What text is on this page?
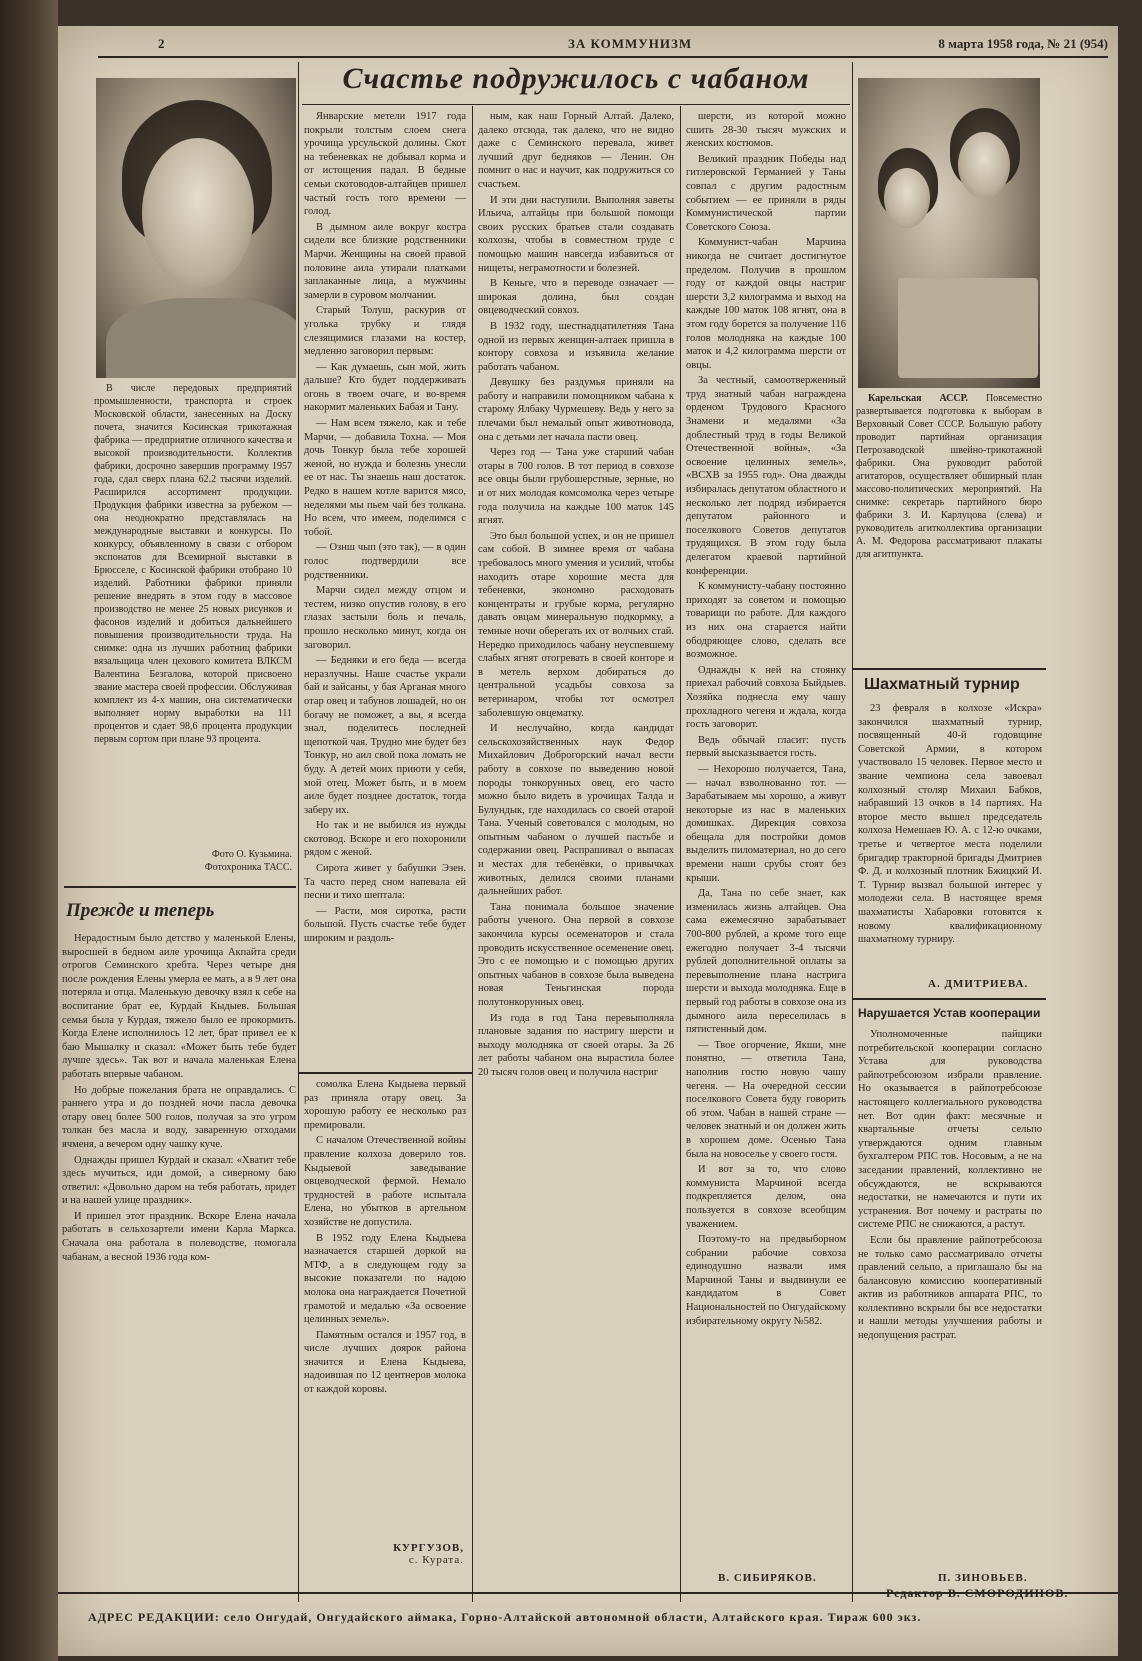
2	ЗА КОММУНИЗМ	8 марта 1958 года, № 21 (954)

В числе передовых предприятий промышленности, транспорта и строек Московской области, занесенных на Доску почета, значится Косинская трикотажная фабрика — предприятие отличного качества и высокой производительности. Коллектив фабрики, досрочно завершив программу 1957 года, сдал сверх плана 62.2 тысячи изделий. Расширился ассортимент продукции. Продукция фабрики известна за рубежом — она неоднократно представлялась на международные выставки и конкурсы. По конкурсу, объявленному в связи с отбором экспонатов для Всемирной выставки в Брюсселе, с Косинской фабрики отобрано 10 изделий. Работники фабрики приняли решение внедрять в этом году в массовое производство не менее 25 новых рисунков и фасонов изделий и добиться дальнейшего повышения производительности труда. На снимке: одна из лучших работниц фабрики вязальщица член цехового комитета ВЛКСМ Валентина Безгалова, которой присвоено звание мастера своей профессии. Обслуживая комплект из 4-х машин, она систематически выполняет норму выработки на 111 процентов и сдает 98,6 процента продукции первым сортом при плане 93 процента.

Фото О. Кузьмина.
Фотохроника ТАСС.
Прежде и теперь

Нерадостным было детство у маленькой Елены, выросшей в бедном аиле урочища Акпайта среди отрогов Семинского хребта. Через четыре дня после рождения Елены умерла ее мать, а в 9 лет она потеряла и отца. Маленькую девочку взял к себе на воспитание брат ее, Курдай Кыдыев. Большая семья была у Курдая, тяжело было ее прокормить. Когда Елене исполнилось 12 лет, брат привел ее к баю Мышалку и сказал: «Может быть тебе будет лучше здесь». Так вот и начала маленькая Елена работать впервые чабаном.

Но добрые пожелания брата не оправдались. С раннего утра и до поздней ночи пасла девочка отару овец более 500 голов, получая за это угром толкан без масла и воду, заваренную отходами ячменя, а вечером одну чашку куче.

Однажды пришел Курдай и сказал: «Хватит тебе здесь мучиться, иди домой, а сиверному баю ответил: «Довольно даром на тебя работать, придет и на нашей улице праздник».

И пришел этот праздник. Вскоре Елена начала работать в сельхозартели имени Карла Маркса. Сначала она работала в полеводстве, помогала чабанам, а весной 1936 года ком-

Счастье подружилось с чабаном

Январские метели 1917 года покрыли толстым слоем снега урочища урсульской долины. Скот на тебеневках не добывал корма и от истощения падал. В бедные семьи скотоводов-алтайцев пришел частый гость того времени — голод.

В дымном аиле вокруг костра сидели все близкие родственники Марчи. Женщины на своей правой половине аила утирали платками заплаканные лица, а мужчины замерли в суровом молчании.

Старый Толуш, раскурив от уголька трубку и глядя слезящимися глазами на костер, медленно заговорил первым:

— Как думаешь, сын мой, жить дальше? Кто будет поддерживать огонь в твоем очаге, и во-время накормит маленьких Бабая и Тану.

— Нам всем тяжело, как и тебе Марчи, — добавила Тохна. — Моя дочь Тонкур была тебе хорошей женой, но нужда и болезнь унесли ее от нас. Ты знаешь наш достаток. Редко в нашем котле варится мясо, неделями мы пьем чай без толкана. Но всем, что имеем, поделимся с тобой.

— Ознш чып (это так), — в один голос подтвердили все родственники.

Марчи сидел между отцом и тестем, низко опустив голову, в его глазах застыли боль и печаль, прошло несколько минут, когда он заговорил.

— Бедняки и его беда — всегда неразлучны. Наше счастье украли бай и зайсаны, у бая Арганая много отар овец и табунов лошадей, но он богачу не поможет, а вы, я всегда знал, поделитесь последней щепоткой чая. Трудно мне будет без Тонкур, но аил свой пока ломать не буду. А детей моих приюти у себя, мой отец. Может быть, и в моем аиле будет позднее достаток, тогда заберу их.

Но так и не выбился из нужды скотовод. Вскоре и его похоронили рядом с женой.

Сирота живет у бабушки Эзен. Та часто перед сном напевала ей песни и тихо шептала:

— Расти, моя сиротка, расти большой. Пусть счастье тебе будет широким и раздоль-

сомолка Елена Кыдыева первый раз приняла отару овец. За хорошую работу ее несколько раз премировали.

С началом Отечественной войны правление колхоза доверило тов. Кыдыевой заведывание овцеводческой фермой. Немало трудностей в работе испытала Елена, но убытков в артельном хозяйстве не допустила.

В 1952 году Елена Кыдыева назначается старшей доркой на МТФ, а в следующем году за высокие показатели по надою молока она награждается Почетной грамотой и медалью «За освоение целинных земель».

Памятным остался и 1957 год, в числе лучших доярок района значится и Елена Кыдыева, надоившая по 12 центнеров молока от каждой коровы.

КУРГУЗОВ,
с. Курата.

ным, как наш Горный Алтай. Далеко, далеко отсюда, так далеко, что не видно даже с Семинского перевала, живет лучший друг бедняков — Ленин. Он помнит о нас и научит, как подружиться со счастьем.

И эти дни наступили. Выполняя заветы Ильича, алтайцы при большой помощи своих русских братьев стали создавать колхозы, чтобы в совместном труде с помощью машин навсегда избавиться от нищеты, неграмотности и болезней.

В Кеньге, что в переводе означает — широкая долина, был создан овцеводческий совхоз.

В 1932 году, шестнадцатилетняя Тана одной из первых женщин-алтаек пришла в контору совхоза и изъявила желание работать чабаном.

Девушку без раздумья приняли на работу и направили помощником чабана к старому Ялбаку Чурмешеву. Ведь у него за плечами был немалый опыт животновода, она с детьми лет начала пасти овец.

Через год — Тана уже старший чабан отары в 700 голов. В тот период в совхозе все овцы были грубошерстные, зерные, но и от них молодая комсомолка через четыре года получила на каждые 100 маток 145 ягнят.

Это был большой успех, и он не пришел сам собой. В зимнее время от чабана требовалось много умения и усилий, чтобы находить отаре хорошие места для тебеневки, экономно расходовать концентраты и грубые корма, регулярно давать овцам минеральную подкормку, а темные ночи оберегать их от волчьих стай. Нередко приходилось чабану неуспевшему слабых ягнят отогревать в своей конторе и в метель верхом добираться до центральной усадьбы совхоза за ветеринаром, чтобы тот осмотрел заболевшую овцематку.

И неслучайно, когда кандидат сельскохозяйственных наук Федор Михайлович Доброгорский начал вести работу в совхозе по выведению новой породы тонкорунных овец, его часто можно было видеть в урочищах Талда и Булундык, где находилась со своей отарой Тана. Ученый советовался с молодым, но опытным чабаном о лучшей пастьбе и содержании овец. Распрашивал о выпасах и местах для тебенёвки, о привычках животных, делился своими планами дальнейших работ.

Тана понимала большое значение работы ученого. Она первой в совхозе закончила курсы осеменаторов и стала проводить искусственное осеменение овец. Это с ее помощью и с помощью других опытных чабанов в совхозе была выведена новая Теньгинская порода полутонкорунных овец.

Из года в год Тана перевыполняла плановые задания по настригу шерсти и выходу молодняка от своей отары. За 26 лет работы чабаном она вырастила более 20 тысяч голов овец и получила настриг

шерсти, из которой можно сшить 28-30 тысяч мужских и женских костюмов.

Великий праздник Победы над гитлеровской Германией у Таны совпал с другим радостным событием — ее приняли в ряды Коммунистической партии Советского Союза.

Коммунист-чабан Марчина никогда не считает достигнутое пределом. Получив в прошлом году от каждой овцы настриг шерсти 3,2 килограмма и выход на каждые 100 маток 108 ягнят, она в этом году борется за получение 116 голов молодняка на каждые 100 маток и 4,2 килограмма шерсти от овцы.

За честный, самоотверженный труд знатный чабан награждена орденом Трудового Красного Знамени и медалями «За доблестный труд в годы Великой Отечественной войны», «За освоение целинных земель», «ВСХВ за 1955 год». Она дважды избиралась депутатом областного и несколько лет подряд избирается депутатом районного и поселкового Советов депутатов трудящихся. В этом году была делегатом краевой партийной конференции.

К коммунисту-чабану постоянно приходят за советом и помощью товарищи по работе. Для каждого из них она старается найти ободряющее слово, сделать все возможное.

Однажды к ней на стоянку приехал рабочий совхоза Быйдыев. Хозяйка поднесла ему чашу прохладного чегеня и ждала, когда гость заговорит.

Ведь обычай гласит: пусть первый высказывается гость.

— Нехорошо получается, Тана, — начал взволнованно тот. — Зарабатываем мы хорошо, а живут некоторые из нас в маленьких домишках. Дирекция совхоза обещала для постройки домов выделить пиломатериал, но до сего времени наши срубы стоят без крыши.

Да, Тана по себе знает, как изменилась жизнь алтайцев. Она сама ежемесячно зарабатывает 700-800 рублей, а кроме того еще ежегодно получает 3-4 тысячи рублей дополнительной оплаты за перевыполнение плана настрига шерсти и выхода молодняка. Еще в первый год работы в совхозе она из дымного аила переселилась в пятистенный дом.

— Твое огорчение, Якши, мне понятно, — ответила Тана, наполнив гостю новую чашу чегеня. — На очередной сессии поселкового Совета буду говорить об этом. Чабан в нашей стране — человек знатный и он должен жить в хорошем доме. Осенью Тана была на новоселье у своего гостя.

И вот за то, что слово коммуниста Марчиной всегда подкрепляется делом, она пользуется в совхозе всеобщим уважением.

Поэтому-то на предвыборном собрании рабочие совхоза единодушно назвали имя Марчиной Таны и выдвинули ее кандидатом в Совет Национальностей по Онгудайскому избирательному округу №582.

В. СИБИРЯКОВ.

Карельская АССР. Повсеместно развертывается подготовка к выборам в Верховный Совет СССР. Большую работу проводит партийная организация Петрозаводской швейно-трикотажной фабрики. Она руководит работой агитаторов, осуществляет обширный план массово-политических мероприятий. На снимке: секретарь партийного бюро фабрики З. И. Карлуцова (слева) и руководитель агитколлектива организации А. М. Федорова рассматривают плакаты для агитпункта.

Шахматный турнир

23 февраля в колхозе «Искра» закончился шахматный турнир, посвященный 40-й годовщине Советской Армии, в котором участвовало 15 человек. Первое место и звание чемпиона села завоевал колхозный столяр Михаил Бабков, набравший 13 очков в 14 партиях. На второе место вышел председатель колхоза Немешаев Ю. А. с 12-ю очками, третье и четвертое места поделили бригадир тракторной бригады Дмитриев Ф. Д. и колхозный плотник Бжицкий И. Т. Турнир вызвал большой интерес у молодежи села. В настоящее время шахматисты Хабаровки готовятся к новому квалификационному шахматному турниру.

А. ДМИТРИЕВА.
Нарушается Устав кооперации

Уполномоченные пайщики потребительской кооперации согласно Устава для руководства райпотребсоюзом избрали правление. Но оказывается в райпотребсоюзе настоящего коллегиального руководства нет. Вот один факт: месячные и квартальные отчеты сельпо утверждаются одним главным бухгалтером РПС тов. Носовым, а не на заседании правлений, коллективно не обсуждаются, не вскрываются недостатки, не намечаются и пути их устранения. Вот почему и растраты по системе РПС не снижаются, а растут.

Если бы правление райпотребсоюза не только само рассматривало отчеты правлений сельпо, а приглашало бы на балансовую комиссию кооперативный актив из работников аппарата РПС, то коллективно вскрыли бы все недостатки и нашли методы улучшения работы и недопущения растрат.

П. ЗИНОВЬЕВ.
Редактор В. СМОРОДИНОВ.
АДРЕС РЕДАКЦИИ: село Онгудай, Онгудайского аймака, Горно-Алтайской автономной области, Алтайского края. Тираж 600 экз.
